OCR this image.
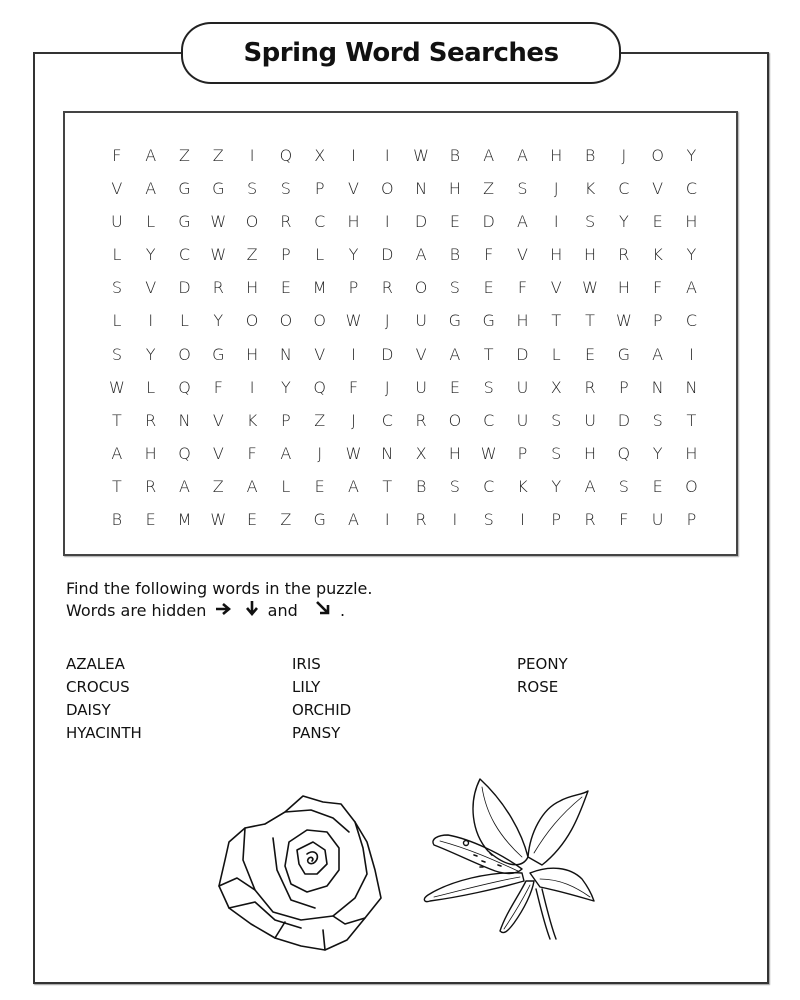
Spring Word Searches
F	A	Z	Z	I	Q	X	I	I	W	B	A	A	H	B	J	O	Y
V	A	G	G	S	S	P	V	O	N	H	Z	S	J	K	C	V	C
U	L	G	W	O	R	C	H	I	D	E	D	A	I	S	Y	E	H
L	Y	C	W	Z	P	L	Y	D	A	B	F	V	H	H	R	K	Y
S	V	D	R	H	E	M	P	R	O	S	E	F	V	W	H	F	A
L	I	L	Y	O	O	O	W	J	U	G	G	H	T	T	W	P	C
S	Y	O	G	H	N	V	I	D	V	A	T	D	L	E	G	A	I
W	L	Q	F	I	Y	Q	F	J	U	E	S	U	X	R	P	N	N
T	R	N	V	K	P	Z	J	C	R	O	C	U	S	U	D	S	T
A	H	Q	V	F	A	J	W	N	X	H	W	P	S	H	Q	Y	H
T	R	A	Z	A	L	E	A	T	B	S	C	K	Y	A	S	E	O
B	E	M	W	E	Z	G	A	I	R	I	S	I	P	R	F	U	P
Find the following words in the puzzle.
Words are hidden	and	.
AZALEA
CROCUS
DAISY
HYACINTH
IRIS
LILY
ORCHID
PANSY
PEONY
ROSE
